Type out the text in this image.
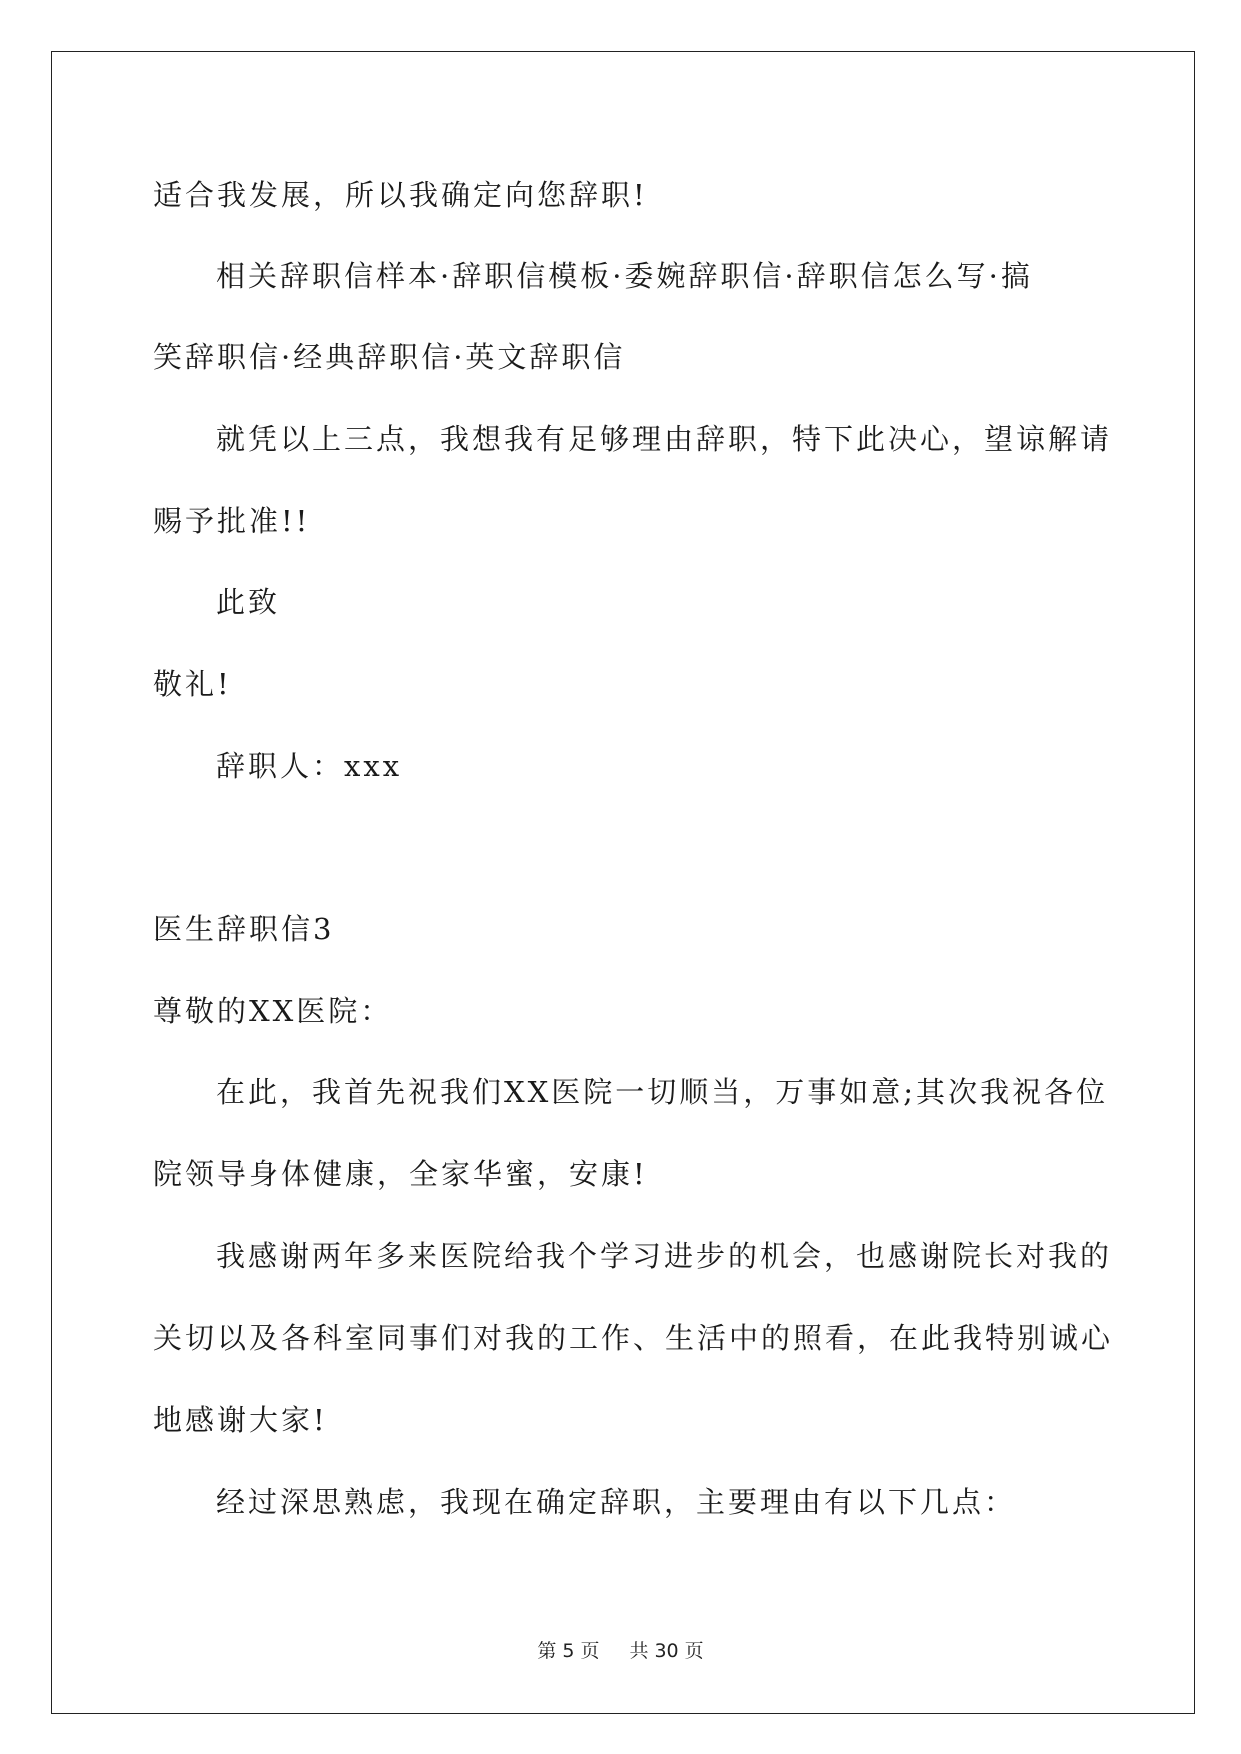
适合我发展，所以我确定向您辞职!
相关辞职信样本·辞职信模板·委婉辞职信·辞职信怎么写·搞
笑辞职信·经典辞职信·英文辞职信
就凭以上三点，我想我有足够理由辞职，特下此决心，望谅解请
赐予批准!!
此致
敬礼!
辞职人：xxx
医生辞职信3
尊敬的XX医院：
在此，我首先祝我们XX医院一切顺当，万事如意;其次我祝各位
院领导身体健康，全家华蜜，安康!
我感谢两年多来医院给我个学习进步的机会，也感谢院长对我的
关切以及各科室同事们对我的工作、生活中的照看，在此我特别诚心
地感谢大家!
经过深思熟虑，我现在确定辞职，主要理由有以下几点：
第 5 页 共 30 页
